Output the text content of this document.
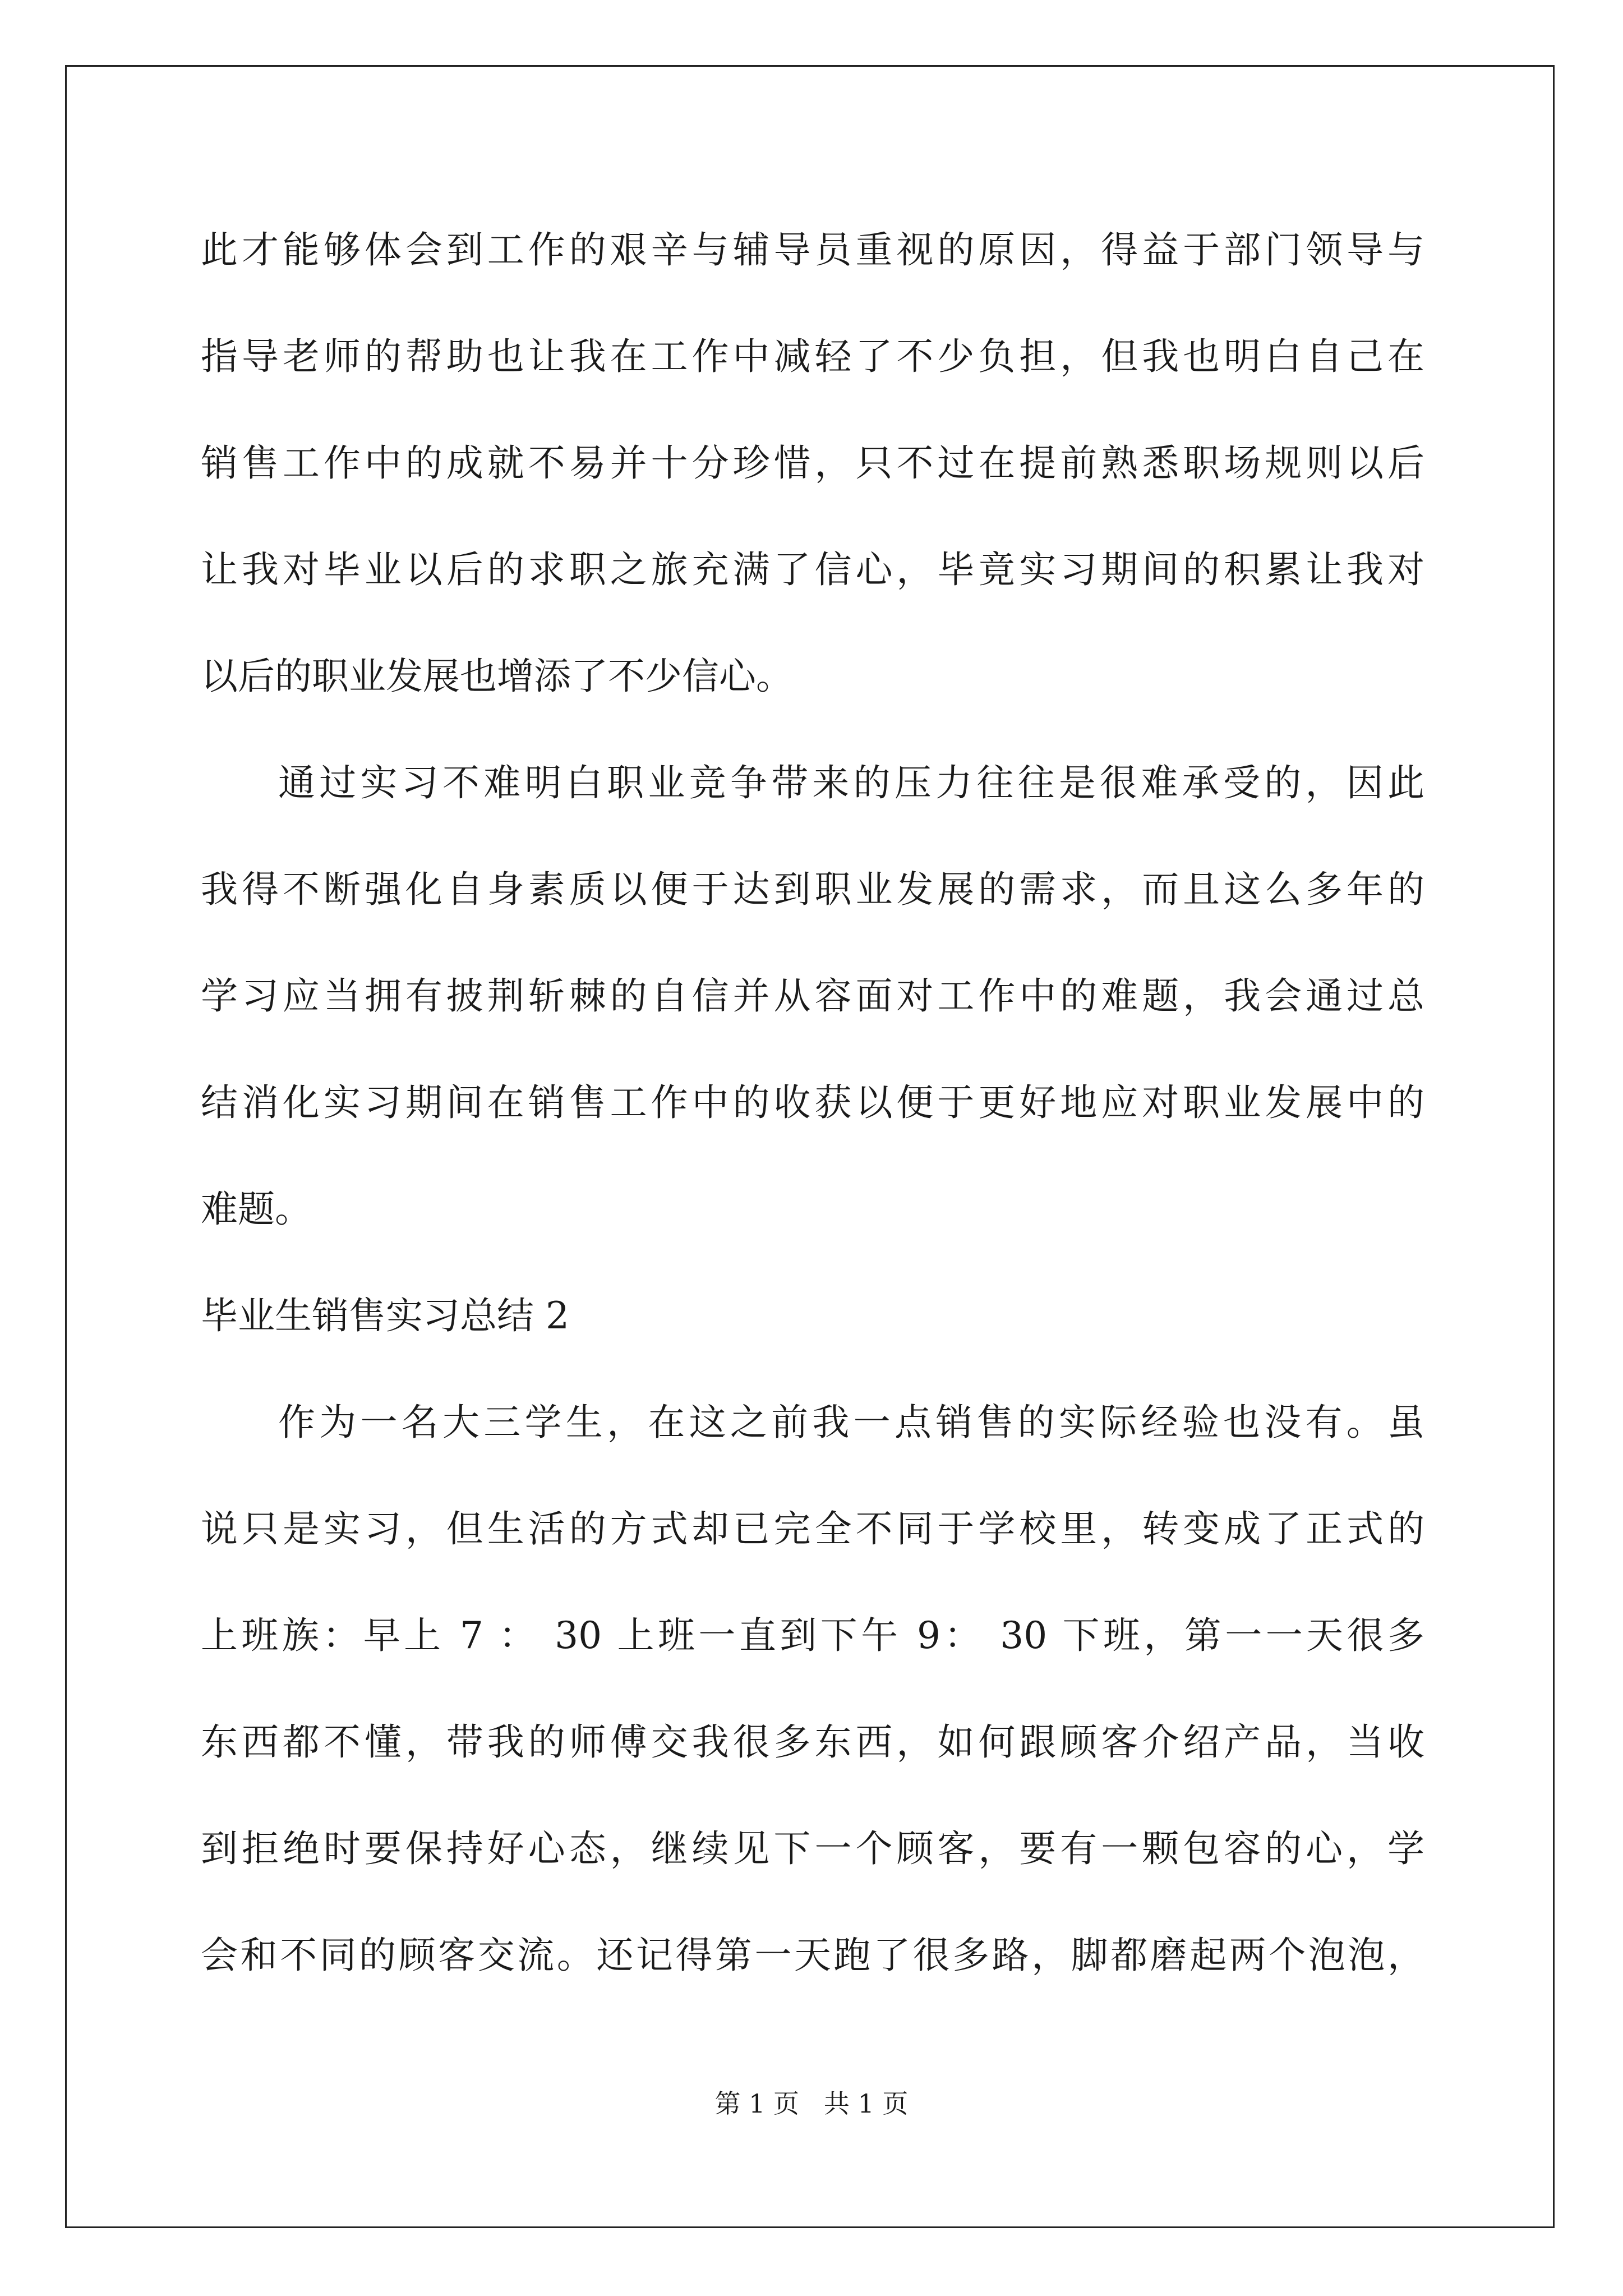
此才能够体会到工作的艰辛与辅导员重视的原因，得益于部门领导与
指导老师的帮助也让我在工作中减轻了不少负担，但我也明白自己在
销售工作中的成就不易并十分珍惜，只不过在提前熟悉职场规则以后
让我对毕业以后的求职之旅充满了信心，毕竟实习期间的积累让我对
以后的职业发展也增添了不少信心。
通过实习不难明白职业竞争带来的压力往往是很难承受的，因此
我得不断强化自身素质以便于达到职业发展的需求，而且这么多年的
学习应当拥有披荆斩棘的自信并从容面对工作中的难题，我会通过总
结消化实习期间在销售工作中的收获以便于更好地应对职业发展中的
难题。
毕业生销售实习总结 2
作为一名大三学生，在这之前我一点销售的实际经验也没有。虽
说只是实习，但生活的方式却已完全不同于学校里，转变成了正式的
上班族：早上 7 ： 30 上班一直到下午 9： 30 下班，第一一天很多
东西都不懂，带我的师傅交我很多东西，如何跟顾客介绍产品，当收
到拒绝时要保持好心态，继续见下一个顾客，要有一颗包容的心，学
会和不同的顾客交流。还记得第一天跑了很多路，脚都磨起两个泡泡，
第 1 页   共 1 页
